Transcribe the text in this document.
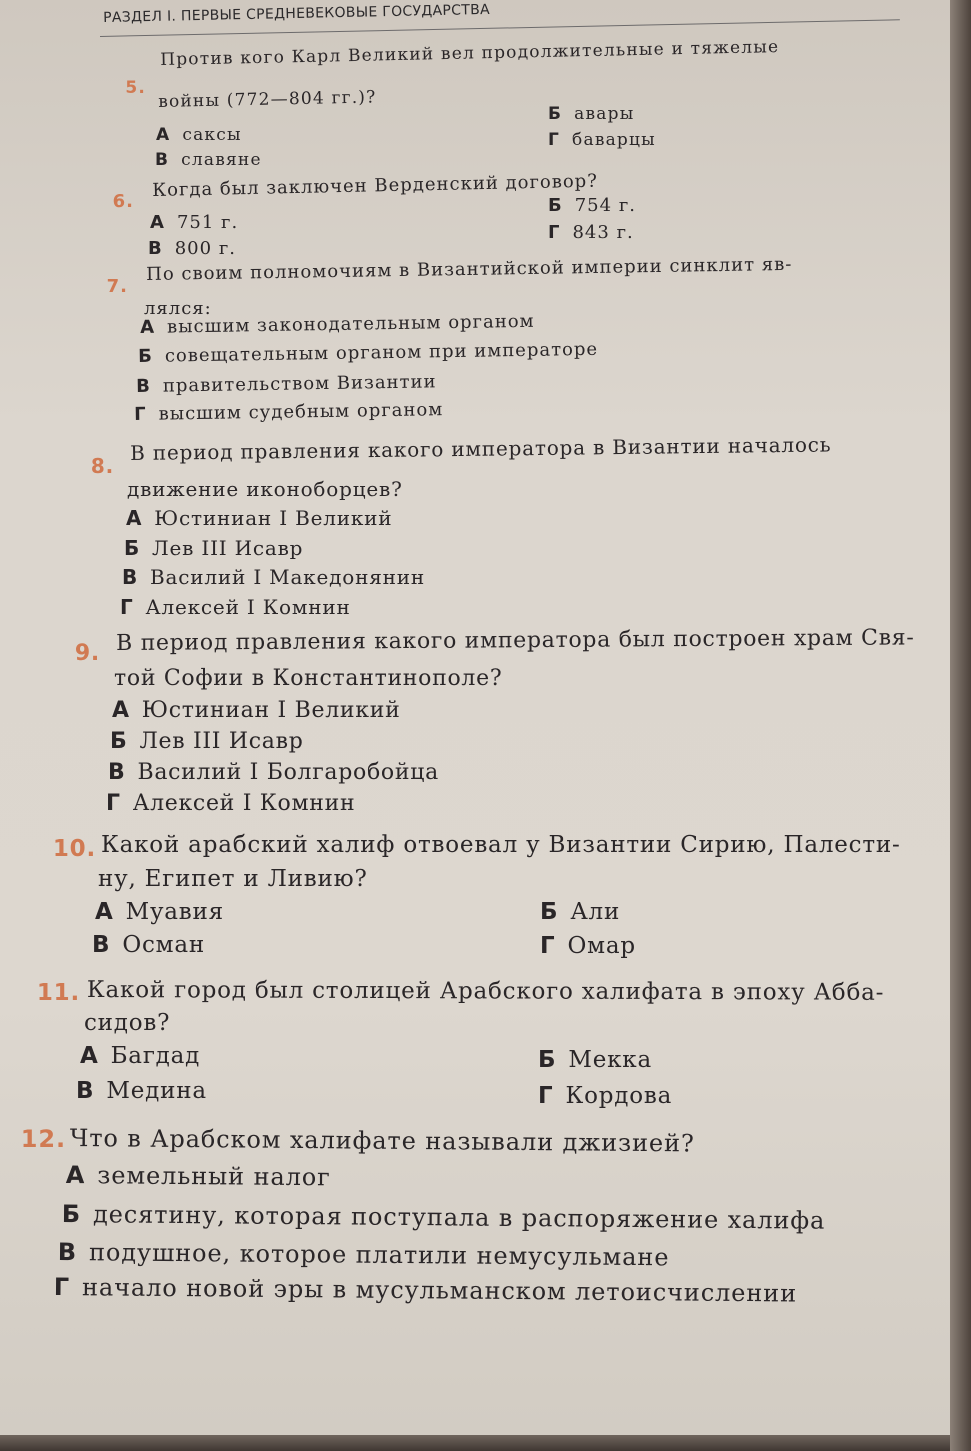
РАЗДЕЛ I. ПЕРВЫЕ СРЕДНЕВЕКОВЫЕ ГОСУДАРСТВА
5.
Против кого Карл Великий вел продолжительные и тяжелые
войны (772—804 гг.)?
А саксы
Б авары
В славяне
Г баварцы
6.
Когда был заключен Верденский договор?
А 751 г.
Б 754 г.
В 800 г.
Г 843 г.
7.
По своим полномочиям в Византийской империи синклит яв-
лялся:
А высшим законодательным органом
Б совещательным органом при императоре
В правительством Византии
Г высшим судебным органом
8.
В период правления какого императора в Византии началось
движение иконоборцев?
А Юстиниан I Великий
Б Лев III Исавр
В Василий I Македонянин
Г Алексей I Комнин
9. В период правления какого императора был построен храм Свя-
той Софии в Константинополе?
А Юстиниан I Великий
Б Лев III Исавр
В Василий I Болгаробойца
Г Алексей I Комнин
10. Какой арабский халиф отвоевал у Византии Сирию, Палести-
ну, Египет и Ливию?
А Муавия	Б Али
В Осман	Г Омар
11. Какой город был столицей Арабского халифата в эпоху Абба-
сидов?
А Багдад	Б Мекка
В Медина	Г Кордова
12. Что в Арабском халифате называли джизией?
А земельный налог
Б десятину, которая поступала в распоряжение халифа
В подушное, которое платили немусульмане
Г начало новой эры в мусульманском летоисчислении
